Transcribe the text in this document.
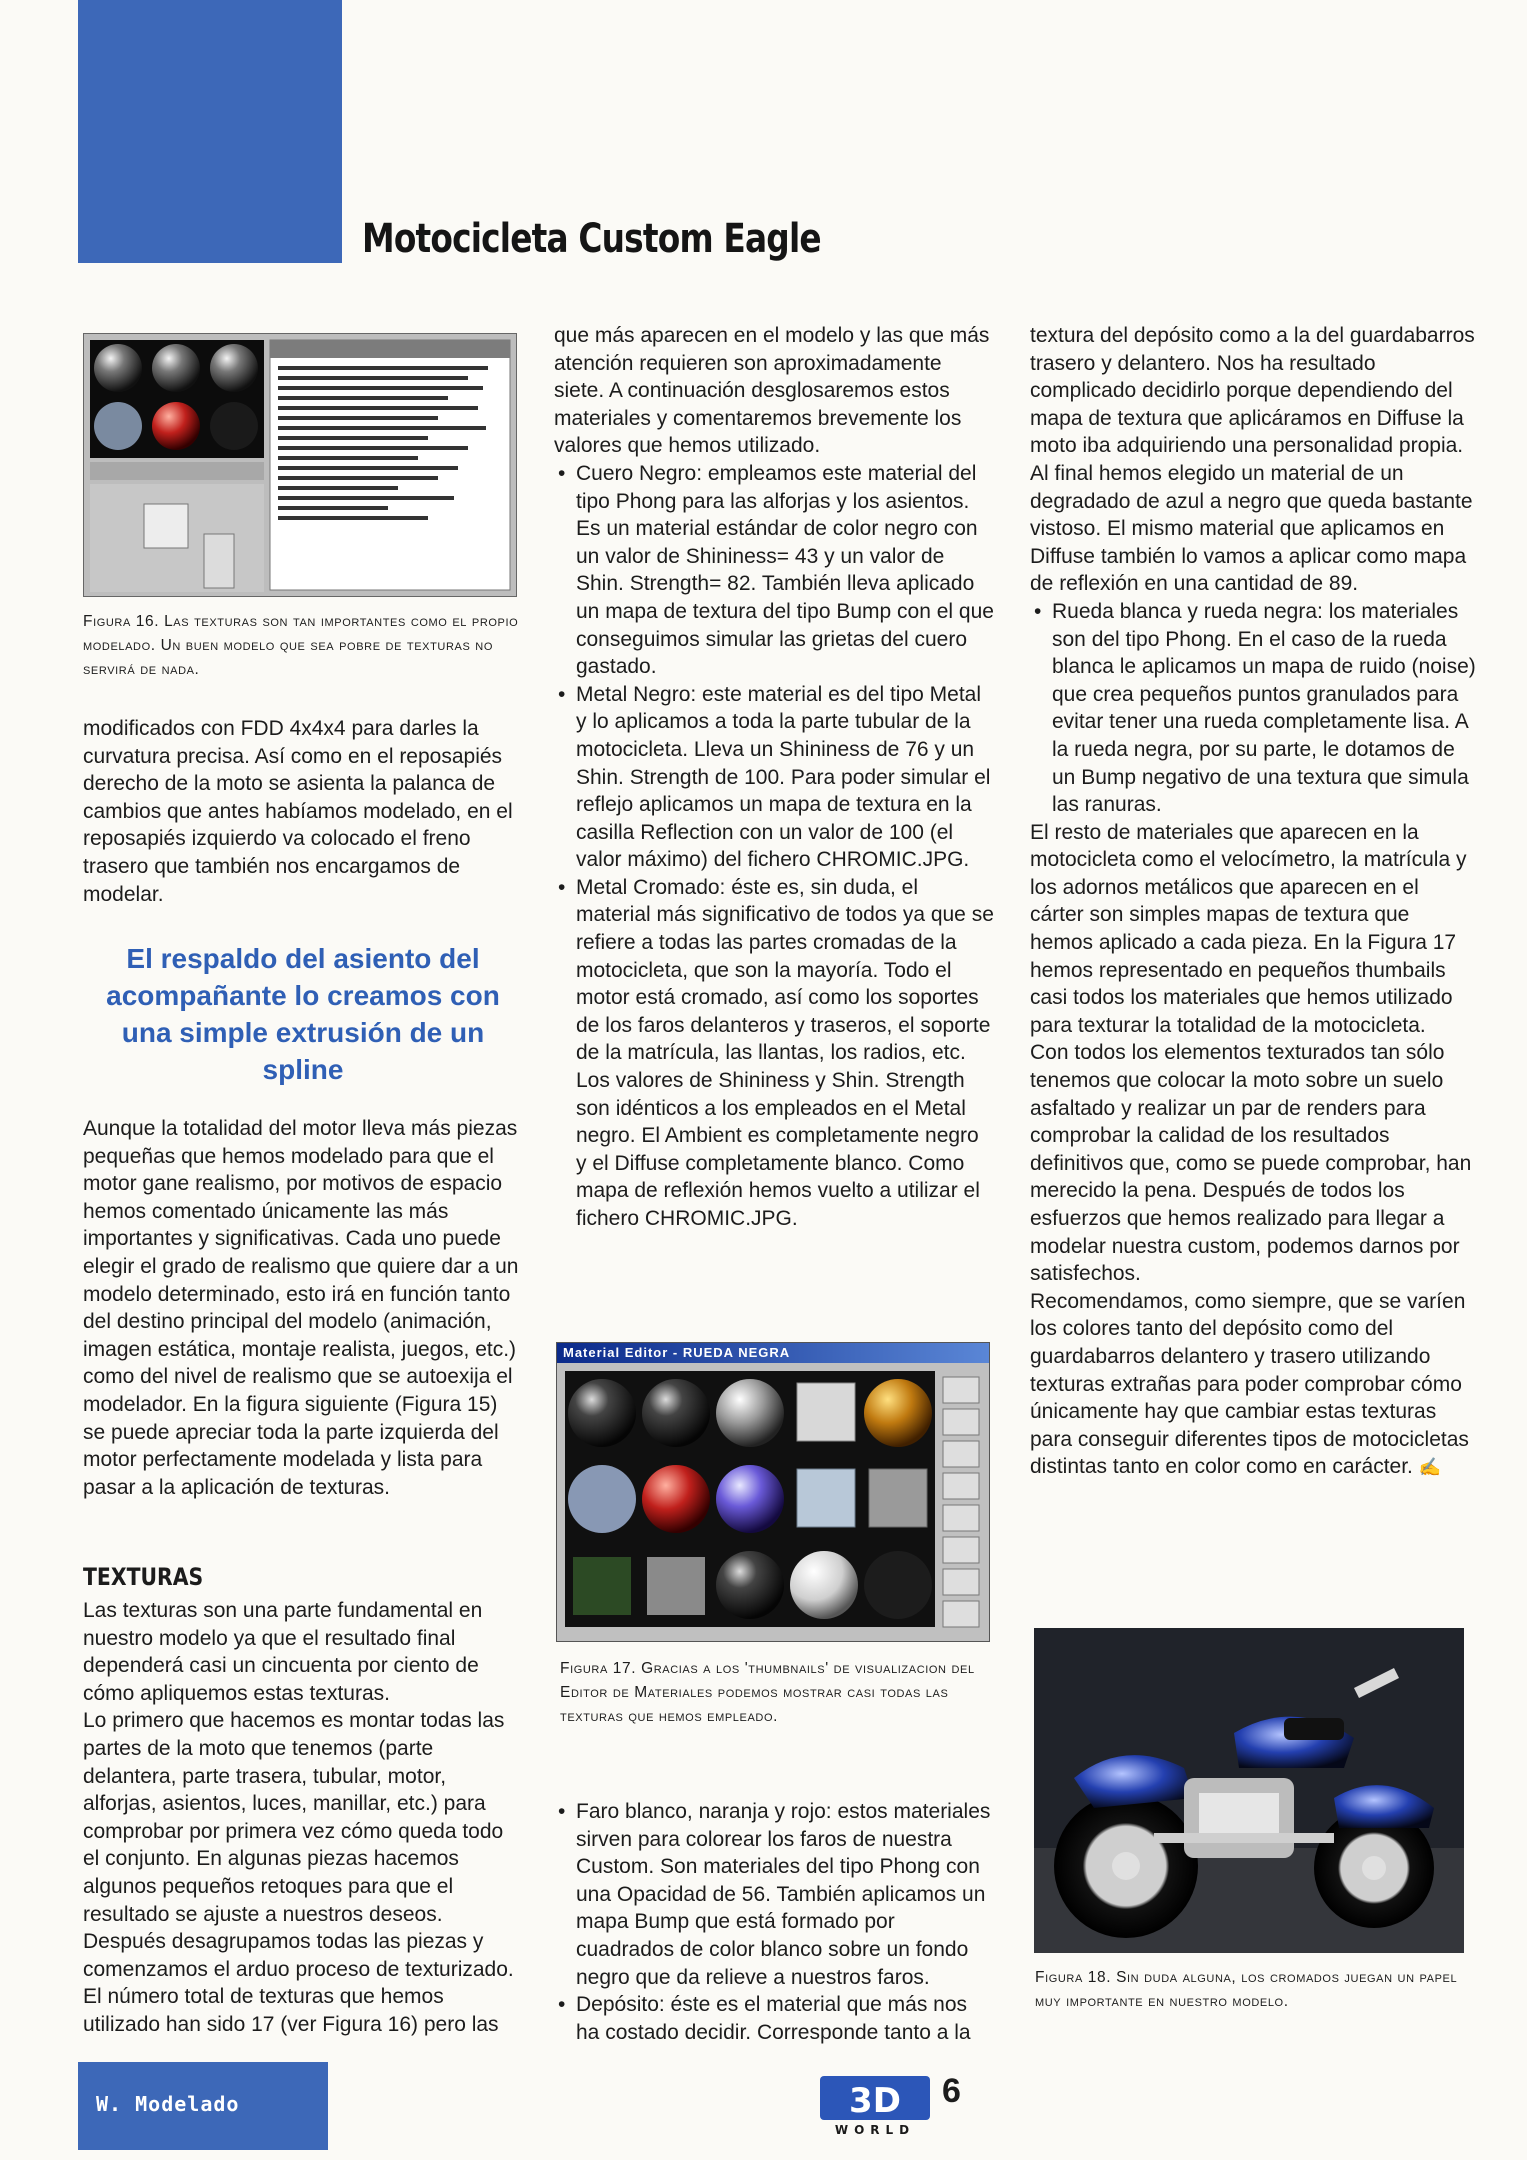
Motocicleta Custom Eagle
Figura 16. Las texturas son tan importantes como el propio modelado. Un buen modelo que sea pobre de texturas no servirá de nada.

modificados con FDD 4x4x4 para darles la curvatura precisa. Así como en el reposapiés derecho de la moto se asienta la palanca de cambios que antes habíamos modelado, en el reposapiés izquierdo va colocado el freno trasero que también nos encargamos de modelar.

El respaldo del asiento del acompañante lo creamos con una simple extrusión de un spline

Aunque la totalidad del motor lleva más piezas pequeñas que hemos modelado para que el motor gane realismo, por motivos de espacio hemos comentado únicamente las más importantes y significativas. Cada uno puede elegir el grado de realismo que quiere dar a un modelo determinado, esto irá en función tanto del destino principal del modelo (animación, imagen estática, montaje realista, juegos, etc.) como del nivel de realismo que se autoexija el modelador. En la figura siguiente (Figura 15) se puede apreciar toda la parte izquierda del motor perfectamente modelada y lista para pasar a la aplicación de texturas.

TEXTURAS

Las texturas son una parte fundamental en nuestro modelo ya que el resultado final dependerá casi un cincuenta por ciento de cómo apliquemos estas texturas.

Lo primero que hacemos es montar todas las partes de la moto que tenemos (parte delantera, parte trasera, tubular, motor, alforjas, asientos, luces, manillar, etc.) para comprobar por primera vez cómo queda todo el conjunto. En algunas piezas hacemos algunos pequeños retoques para que el resultado se ajuste a nuestros deseos.

Después desagrupamos todas las piezas y comenzamos el arduo proceso de texturizado.

El número total de texturas que hemos utilizado han sido 17 (ver Figura 16) pero las

que más aparecen en el modelo y las que más atención requieren son aproximadamente siete. A continuación desglosaremos estos materiales y comentaremos brevemente los valores que hemos utilizado.

• Cuero Negro: empleamos este material del tipo Phong para las alforjas y los asientos. Es un material estándar de color negro con un valor de Shininess= 43 y un valor de Shin. Strength= 82. También lleva aplicado un mapa de textura del tipo Bump con el que conseguimos simular las grietas del cuero gastado.
• Metal Negro: este material es del tipo Metal y lo aplicamos a toda la parte tubular de la motocicleta. Lleva un Shininess de 76 y un Shin. Strength de 100. Para poder simular el reflejo aplicamos un mapa de textura en la casilla Reflection con un valor de 100 (el valor máximo) del fichero CHROMIC.JPG.
• Metal Cromado: éste es, sin duda, el material más significativo de todos ya que se refiere a todas las partes cromadas de la motocicleta, que son la mayoría. Todo el motor está cromado, así como los soportes de los faros delanteros y traseros, el soporte de la matrícula, las llantas, los radios, etc. Los valores de Shininess y Shin. Strength son idénticos a los empleados en el Metal negro. El Ambient es completamente negro y el Diffuse completamente blanco. Como mapa de reflexión hemos vuelto a utilizar el fichero CHROMIC.JPG.
Material Editor - RUEDA NEGRA
Figura 17. Gracias a los 'thumbnails' de visualizacion del Editor de Materiales podemos mostrar casi todas las texturas que hemos empleado.
• Faro blanco, naranja y rojo: estos materiales sirven para colorear los faros de nuestra Custom. Son materiales del tipo Phong con una Opacidad de 56. También aplicamos un mapa Bump que está formado por cuadrados de color blanco sobre un fondo negro que da relieve a nuestros faros.
• Depósito: éste es el material que más nos ha costado decidir. Corresponde tanto a la

textura del depósito como a la del guardabarros trasero y delantero. Nos ha resultado complicado decidirlo porque dependiendo del mapa de textura que aplicáramos en Diffuse la moto iba adquiriendo una personalidad propia. Al final hemos elegido un material de un degradado de azul a negro que queda bastante vistoso. El mismo material que aplicamos en Diffuse también lo vamos a aplicar como mapa de reflexión en una cantidad de 89.

• Rueda blanca y rueda negra: los materiales son del tipo Phong. En el caso de la rueda blanca le aplicamos un mapa de ruido (noise) que crea pequeños puntos granulados para evitar tener una rueda completamente lisa. A la rueda negra, por su parte, le dotamos de un Bump negativo de una textura que simula las ranuras.

El resto de materiales que aparecen en la motocicleta como el velocímetro, la matrícula y los adornos metálicos que aparecen en el cárter son simples mapas de textura que hemos aplicado a cada pieza. En la Figura 17 hemos representado en pequeños thumbails casi todos los materiales que hemos utilizado para texturar la totalidad de la motocicleta.

Con todos los elementos texturados tan sólo tenemos que colocar la moto sobre un suelo asfaltado y realizar un par de renders para comprobar la calidad de los resultados definitivos que, como se puede comprobar, han merecido la pena. Después de todos los esfuerzos que hemos realizado para llegar a modelar nuestra custom, podemos darnos por satisfechos.

Recomendamos, como siempre, que se varíen los colores tanto del depósito como del guardabarros delantero y trasero utilizando texturas extrañas para poder comprobar cómo únicamente hay que cambiar estas texturas para conseguir diferentes tipos de motocicletas distintas tanto en color como en carácter. ✍

Figura 18. Sin duda alguna, los cromados juegan un papel muy importante en nuestro modelo.
W. Modelado	3D
WORLD
6
